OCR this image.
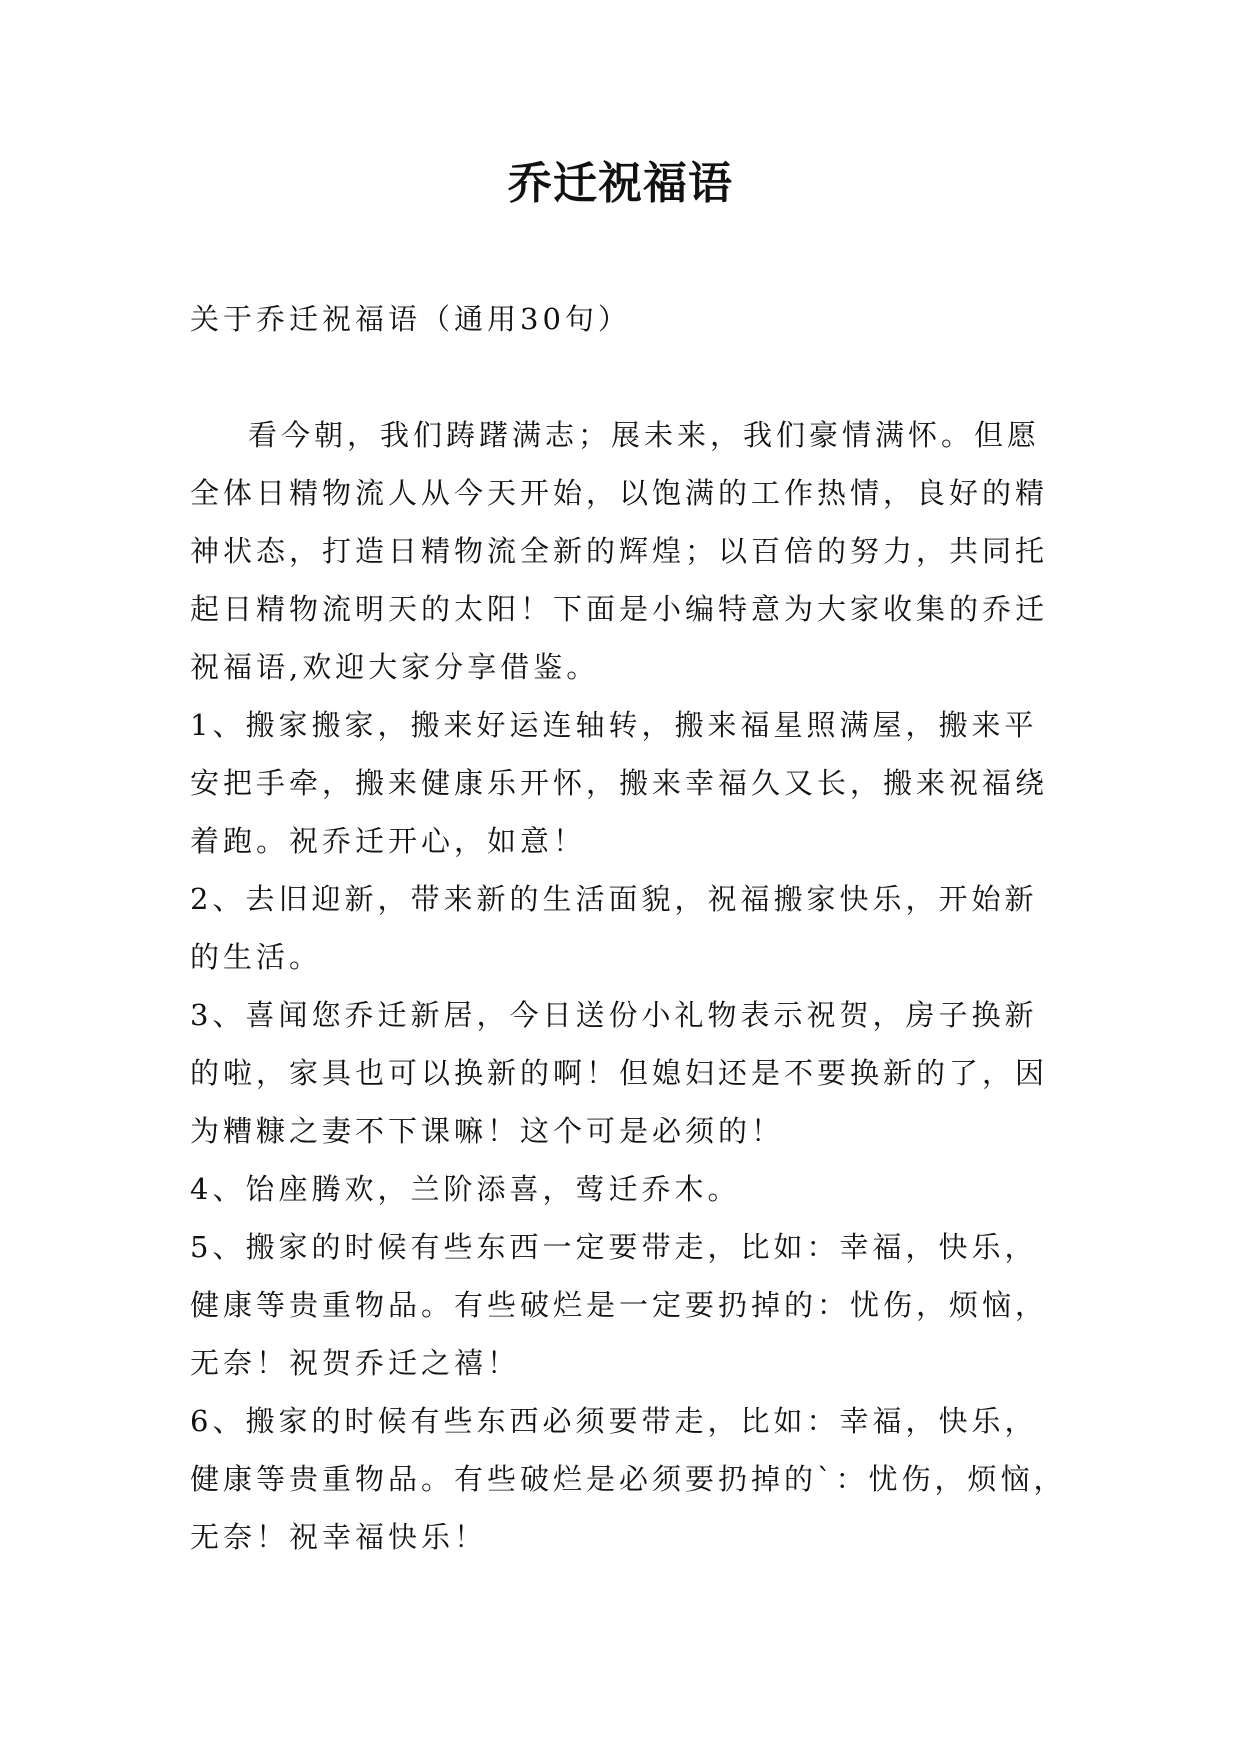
乔迁祝福语

关于乔迁祝福语（通用30句）

看今朝，我们踌躇满志；展未来，我们豪情满怀。但愿全体日精物流人从今天开始，以饱满的工作热情，良好的精神状态，打造日精物流全新的辉煌；以百倍的努力，共同托起日精物流明天的太阳！下面是小编特意为大家收集的乔迁祝福语,欢迎大家分享借鉴。

1、搬家搬家，搬来好运连轴转，搬来福星照满屋，搬来平安把手牵，搬来健康乐开怀，搬来幸福久又长，搬来祝福绕着跑。祝乔迁开心，如意！

2、去旧迎新，带来新的生活面貌，祝福搬家快乐，开始新的生活。

3、喜闻您乔迁新居，今日送份小礼物表示祝贺，房子换新的啦，家具也可以换新的啊！但媳妇还是不要换新的了，因为糟糠之妻不下课嘛！这个可是必须的！

4、饴座腾欢，兰阶添喜，莺迁乔木。

5、搬家的时候有些东西一定要带走，比如：幸福，快乐，健康等贵重物品。有些破烂是一定要扔掉的：忧伤，烦恼，无奈！祝贺乔迁之禧！

6、搬家的时候有些东西必须要带走，比如：幸福，快乐，健康等贵重物品。有些破烂是必须要扔掉的`：忧伤，烦恼，无奈！祝幸福快乐！
